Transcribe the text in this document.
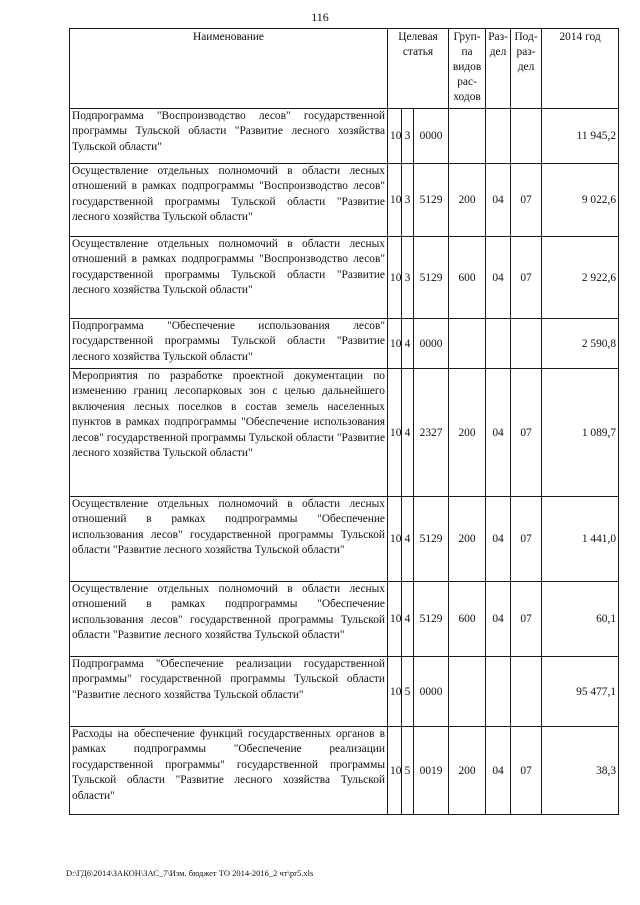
116
Наименование	Целевая статья			Груп-па видов рас-ходов	Раз-дел	Под-раз-дел	2014 год
Подпрограмма "Воспроизводство лесов" государственной программы Тульской области "Развитие лесного хозяйства Тульской области"	10	3	0000				11 945,2
Осуществление отдельных полномочий в области лесных отношений в рамках подпрограммы "Воспроизводство лесов" государственной программы Тульской области "Развитие лесного хозяйства Тульской области"	10	3	5129	200	04	07	9 022,6
Осуществление отдельных полномочий в области лесных отношений в рамках подпрограммы "Воспроизводство лесов" государственной программы Тульской области "Развитие лесного хозяйства Тульской области"	10	3	5129	600	04	07	2 922,6
Подпрограмма "Обеспечение использования лесов" государственной программы Тульской области "Развитие лесного хозяйства Тульской области"	10	4	0000				2 590,8
Мероприятия по разработке проектной документации по изменению границ лесопарковых зон с целью дальнейшего включения лесных поселков в состав земель населенных пунктов в рамках подпрограммы "Обеспечение использования лесов" государственной программы Тульской области "Развитие лесного хозяйства Тульской области"	10	4	2327	200	04	07	1 089,7
Осуществление отдельных полномочий в области лесных отношений в рамках подпрограммы "Обеспечение использования лесов" государственной программы Тульской области "Развитие лесного хозяйства Тульской области"	10	4	5129	200	04	07	1 441,0
Осуществление отдельных полномочий в области лесных отношений в рамках подпрограммы "Обеспечение использования лесов" государственной программы Тульской области "Развитие лесного хозяйства Тульской области"	10	4	5129	600	04	07	60,1
Подпрограмма "Обеспечение реализации государственной программы" государственной программы Тульской области "Развитие лесного хозяйства Тульской области"	10	5	0000				95 477,1
Расходы на обеспечение функций государственных органов в рамках подпрограммы "Обеспечение реализации государственной программы" государственной программы Тульской области "Развитие лесного хозяйства Тульской области"	10	5	0019	200	04	07	38,3
D:\ГД6\2014\ЗАКОН\ЗАС_7\Изм. бюджет ТО 2014-2016_2 чт\pr5.xls
